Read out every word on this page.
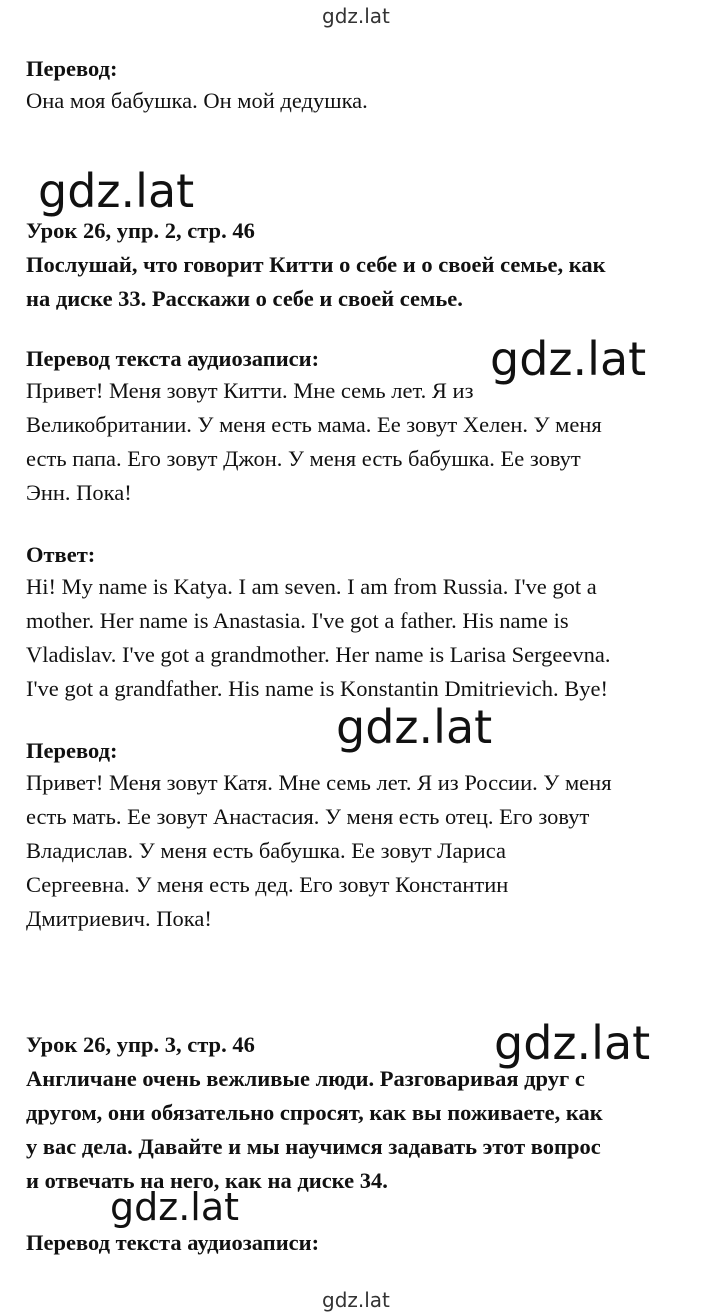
gdz.lat
Перевод:
Она моя бабушка. Он мой дедушка.
gdz.lat
Урок 26, упр. 2, стр. 46
Послушай, что говорит Китти о себе и о своей семье, как
на диске 33. Расскажи о себе и своей семье.
Перевод текста аудиозаписи:	gdz.lat
Привет! Меня зовут Китти. Мне семь лет. Я из
Великобритании. У меня есть мама. Ее зовут Хелен. У меня
есть папа. Его зовут Джон. У меня есть бабушка. Ее зовут
Энн. Пока!
Ответ:
Hi! My name is Katya. I am seven. I am from Russia. I've got a
mother. Her name is Anastasia. I've got a father. His name is
Vladislav. I've got a grandmother. Her name is Larisa Sergeevna.
I've got a grandfather. His name is Konstantin Dmitrievich. Bye!
gdz.lat
Перевод:
Привет! Меня зовут Катя. Мне семь лет. Я из России. У меня
есть мать. Ее зовут Анастасия. У меня есть отец. Его зовут
Владислав. У меня есть бабушка. Ее зовут Лариса
Сергеевна. У меня есть дед. Его зовут Константин
Дмитриевич. Пока!
Урок 26, упр. 3, стр. 46	gdz.lat
Англичане очень вежливые люди. Разговаривая друг с
другом, они обязательно спросят, как вы поживаете, как
у вас дела. Давайте и мы научимся задавать этот вопрос
и отвечать на него, как на диске 34.
gdz.lat
Перевод текста аудиозаписи:
gdz.lat
